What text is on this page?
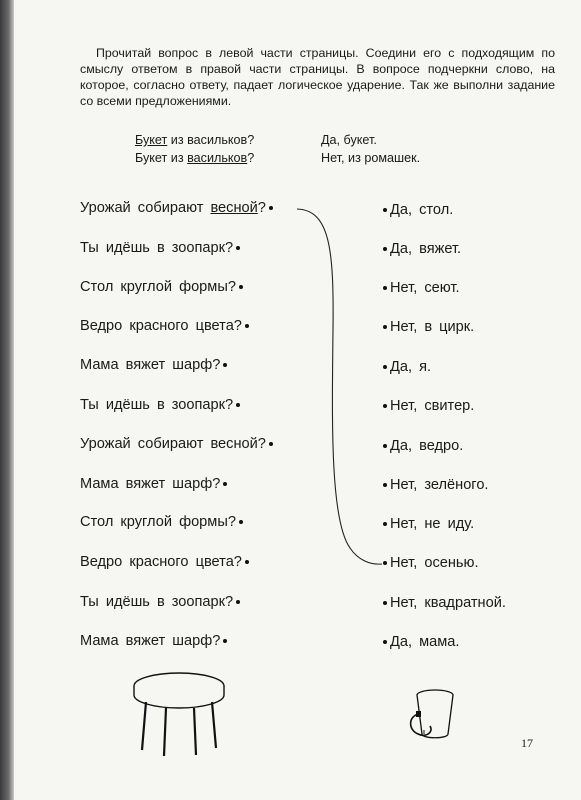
Прочитай вопрос в левой части страницы. Соедини его с подходящим по смыслу ответом в правой части страницы. В вопросе подчеркни слово, на которое, согласно ответу, падает логическое ударение. Так же выполни задание со всеми предложениями.
Букет из васильков?	Да, букет.
Букет из васильков?	Нет, из ромашек.
Урожай собирают весной?
Ты идёшь в зоопарк?
Стол круглой формы?
Ведро красного цвета?
Мама вяжет шарф?
Ты идёшь в зоопарк?
Урожай собирают весной?
Мама вяжет шарф?
Стол круглой формы?
Ведро красного цвета?
Ты идёшь в зоопарк?
Мама вяжет шарф?
Да, стол.
Да, вяжет.
Нет, сеют.
Нет, в цирк.
Да, я.
Нет, свитер.
Да, ведро.
Нет, зелёного.
Нет, не иду.
Нет, осенью.
Нет, квадратной.
Да, мама.
17
